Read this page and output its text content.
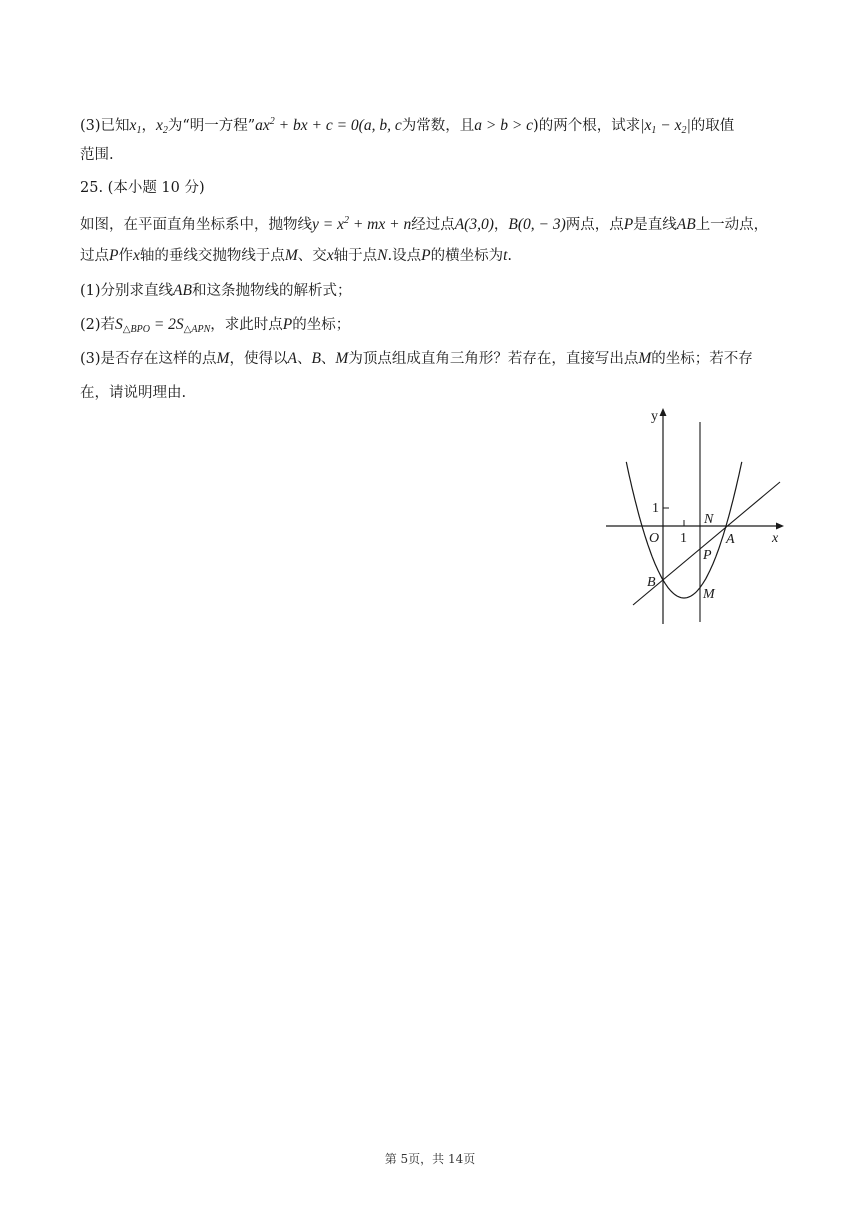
(3)已知$x_1$，$x_2$为“明一方程$”ax^2$ + bx + c = 0(a, b, c为常数，且a > b > c)的两个根，试求$|x_1 - x_2|$的取值
范围.
25. (本小题 10 分)
如图，在平面直角坐标系中，抛物线$y = x^2$ + mx + n经过点A(3,0)，B(0, − 3)两点，点P是直线AB上一动点，
过点P作x轴的垂线交抛物线于点M、交x轴于点N.设点P的横坐标为t.
(1)分别求直线AB和这条抛物线的解析式；
(2)若$S_{\triangle BPO} = 2S_{\triangle APN}$，求此时点P的坐标；
(3)是否存在这样的点M，使得以A、B、M为顶点组成直角三角形？若存在，直接写出点M的坐标；若不存
在，请说明理由.
y
x
1
1
O
N
A
P
B
M
第 5页，共 14页
